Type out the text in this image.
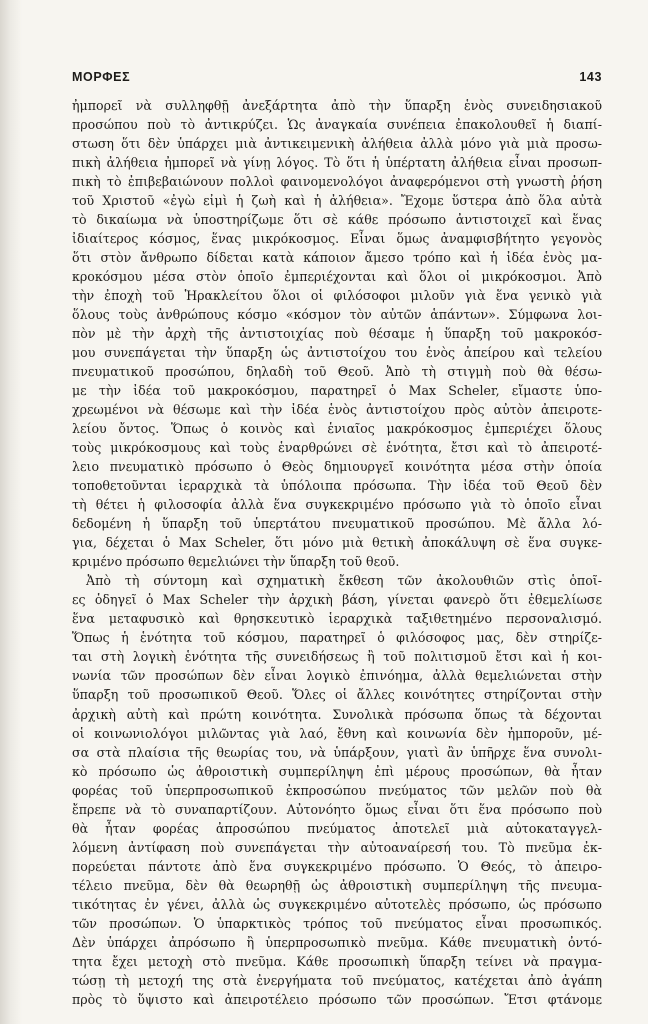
ΜΟΡΦΕΣ	143
ἠμπορεῖ νὰ συλληφθῇ ἀνεξάρτητα ἀπὸ τὴν ὕπαρξη ἑνὸς συνειδησιακοῦ
προσώπου ποὺ τὸ ἀντικρύζει. Ὡς ἀναγκαία συνέπεια ἐπακολουθεῖ ἡ διαπί-
στωση ὅτι δὲν ὑπάρχει μιὰ ἀντικειμενικὴ ἀλήθεια ἀλλὰ μόνο γιὰ μιὰ προσω-
πικὴ ἀλήθεια ἠμπορεῖ νὰ γίνῃ λόγος. Τὸ ὅτι ἡ ὑπέρτατη ἀλήθεια εἶναι προσωπ-
πικὴ τὸ ἐπιβεβαιώνουν πολλοὶ φαινομενολόγοι ἀναφερόμενοι στὴ γνωστὴ ῥήση
τοῦ Χριστοῦ «ἐγὼ εἰμὶ ἡ ζωὴ καὶ ἡ ἀλήθεια». Ἔχομε ὕστερα ἀπὸ ὅλα αὐτὰ
τὸ δικαίωμα νὰ ὑποστηρίζωμε ὅτι σὲ κάθε πρόσωπο ἀντιστοιχεῖ καὶ ἕνας
ἰδιαίτερος κόσμος, ἕνας μικρόκοσμος. Εἶναι ὅμως ἀναμφισβήτητο γεγονὸς
ὅτι στὸν ἄνθρωπο δίδεται κατὰ κάποιον ἄμεσο τρόπο καὶ ἡ ἰδέα ἑνὸς μα-
κροκόσμου μέσα στὸν ὁποῖο ἐμπεριέχονται καὶ ὅλοι οἱ μικρόκοσμοι. Ἀπὸ
τὴν ἐποχὴ τοῦ Ἡρακλείτου ὅλοι οἱ φιλόσοφοι μιλοῦν γιὰ ἕνα γενικὸ γιὰ
ὅλους τοὺς ἀνθρώπους κόσμο «κόσμον τὸν αὐτῶν ἁπάντων». Σύμφωνα λοι-
πὸν μὲ τὴν ἀρχὴ τῆς ἀντιστοιχίας ποὺ θέσαμε ἡ ὕπαρξη τοῦ μακροκόσ-
μου συνεπάγεται τὴν ὕπαρξη ὡς ἀντιστοίχου του ἑνὸς ἀπείρου καὶ τελείου
πνευματικοῦ προσώπου, δηλαδὴ τοῦ Θεοῦ. Ἀπὸ τὴ στιγμὴ ποὺ θὰ θέσω-
με τὴν ἰδέα τοῦ μακροκόσμου, παρατηρεῖ ὁ Max Scheler, εἴμαστε ὑπο-
χρεωμένοι νὰ θέσωμε καὶ τὴν ἰδέα ἑνὸς ἀντιστοίχου πρὸς αὐτὸν ἀπειροτε-
λείου ὄντος. Ὅπως ὁ κοινὸς καὶ ἑνιαῖος μακρόκοσμος ἐμπεριέχει ὅλους
τοὺς μικρόκοσμους καὶ τοὺς ἑναρθρώνει σὲ ἑνότητα, ἔτσι καὶ τὸ ἀπειροτέ-
λειο πνευματικὸ πρόσωπο ὁ Θεὸς δημιουργεῖ κοινότητα μέσα στὴν ὁποία
τοποθετοῦνται ἱεραρχικὰ τὰ ὑπόλοιπα πρόσωπα. Τὴν ἰδέα τοῦ Θεοῦ δὲν
τὴ θέτει ἡ φιλοσοφία ἀλλὰ ἕνα συγκεκριμένο πρόσωπο γιὰ τὸ ὁποῖο εἶναι
δεδομένη ἡ ὕπαρξη τοῦ ὑπερτάτου πνευματικοῦ προσώπου. Μὲ ἄλλα λό-
για, δέχεται ὁ Max Scheler, ὅτι μόνο μιὰ θετικὴ ἀποκάλυψη σὲ ἕνα συγκε-
κριμένο πρόσωπο θεμελιώνει τὴν ὕπαρξη τοῦ θεοῦ.
Ἀπὸ τὴ σύντομη καὶ σχηματικὴ ἔκθεση τῶν ἀκολουθιῶν στὶς ὁποῖ-
ες ὁδηγεῖ ὁ Max Scheler τὴν ἀρχικὴ βάση, γίνεται φανερὸ ὅτι ἐθεμελίωσε
ἕνα μεταφυσικὸ καὶ θρησκευτικὸ ἱεραρχικὰ ταξιθετημένο περσοναλισμό.
Ὅπως ἡ ἑνότητα τοῦ κόσμου, παρατηρεῖ ὁ φιλόσοφος μας, δὲν στηρίζε-
ται στὴ λογικὴ ἑνότητα τῆς συνειδήσεως ἢ τοῦ πολιτισμοῦ ἔτσι καὶ ἡ κοι-
νωνία τῶν προσώπων δὲν εἶναι λογικὸ ἐπινόημα, ἀλλὰ θεμελιώνεται στὴν
ὕπαρξη τοῦ προσωπικοῦ Θεοῦ. Ὅλες οἱ ἄλλες κοινότητες στηρίζονται στὴν
ἀρχικὴ αὐτὴ καὶ πρώτη κοινότητα. Συνολικὰ πρόσωπα ὅπως τὰ δέχονται
οἱ κοινωνιολόγοι μιλῶντας γιὰ λαό, ἔθνη καὶ κοινωνία δὲν ἠμποροῦν, μέ-
σα στὰ πλαίσια τῆς θεωρίας του, νὰ ὑπάρξουν, γιατὶ ἂν ὑπῆρχε ἕνα συνολι-
κὸ πρόσωπο ὡς ἀθροιστικὴ συμπερίληψη ἐπὶ μέρους προσώπων, θὰ ἦταν
φορέας τοῦ ὑπερπροσωπικοῦ ἐκπροσώπου πνεύματος τῶν μελῶν ποὺ θὰ
ἔπρεπε νὰ τὸ συναπαρτίζουν. Αὐτονόητο ὅμως εἶναι ὅτι ἕνα πρόσωπο ποὺ
θὰ ἦταν φορέας ἀπροσώπου πνεύματος ἀποτελεῖ μιὰ αὐτοκαταγγελ-
λόμενη ἀντίφαση ποὺ συνεπάγεται τὴν αὐτοαναίρεσή του. Τὸ πνεῦμα ἐκ-
πορεύεται πάντοτε ἀπὸ ἕνα συγκεκριμένο πρόσωπο. Ὁ Θεός, τὸ ἀπειρο-
τέλειο πνεῦμα, δὲν θὰ θεωρηθῇ ὡς ἀθροιστικὴ συμπερίληψη τῆς πνευμα-
τικότητας ἐν γένει, ἀλλὰ ὡς συγκεκριμένο αὐτοτελὲς πρόσωπο, ὡς πρόσωπο
τῶν προσώπων. Ὁ ὑπαρκτικὸς τρόπος τοῦ πνεύματος εἶναι προσωπικός.
Δὲν ὑπάρχει ἀπρόσωπο ἢ ὑπερπροσωπικὸ πνεῦμα. Κάθε πνευματικὴ ὀντό-
τητα ἔχει μετοχὴ στὸ πνεῦμα. Κάθε προσωπικὴ ὕπαρξη τείνει νὰ πραγμα-
τώσῃ τὴ μετοχή της στὰ ἐνεργήματα τοῦ πνεύματος, κατέχεται ἀπὸ ἀγάπη
πρὸς τὸ ὕψιστο καὶ ἀπειροτέλειο πρόσωπο τῶν προσώπων. Ἔτσι φτάνομε
